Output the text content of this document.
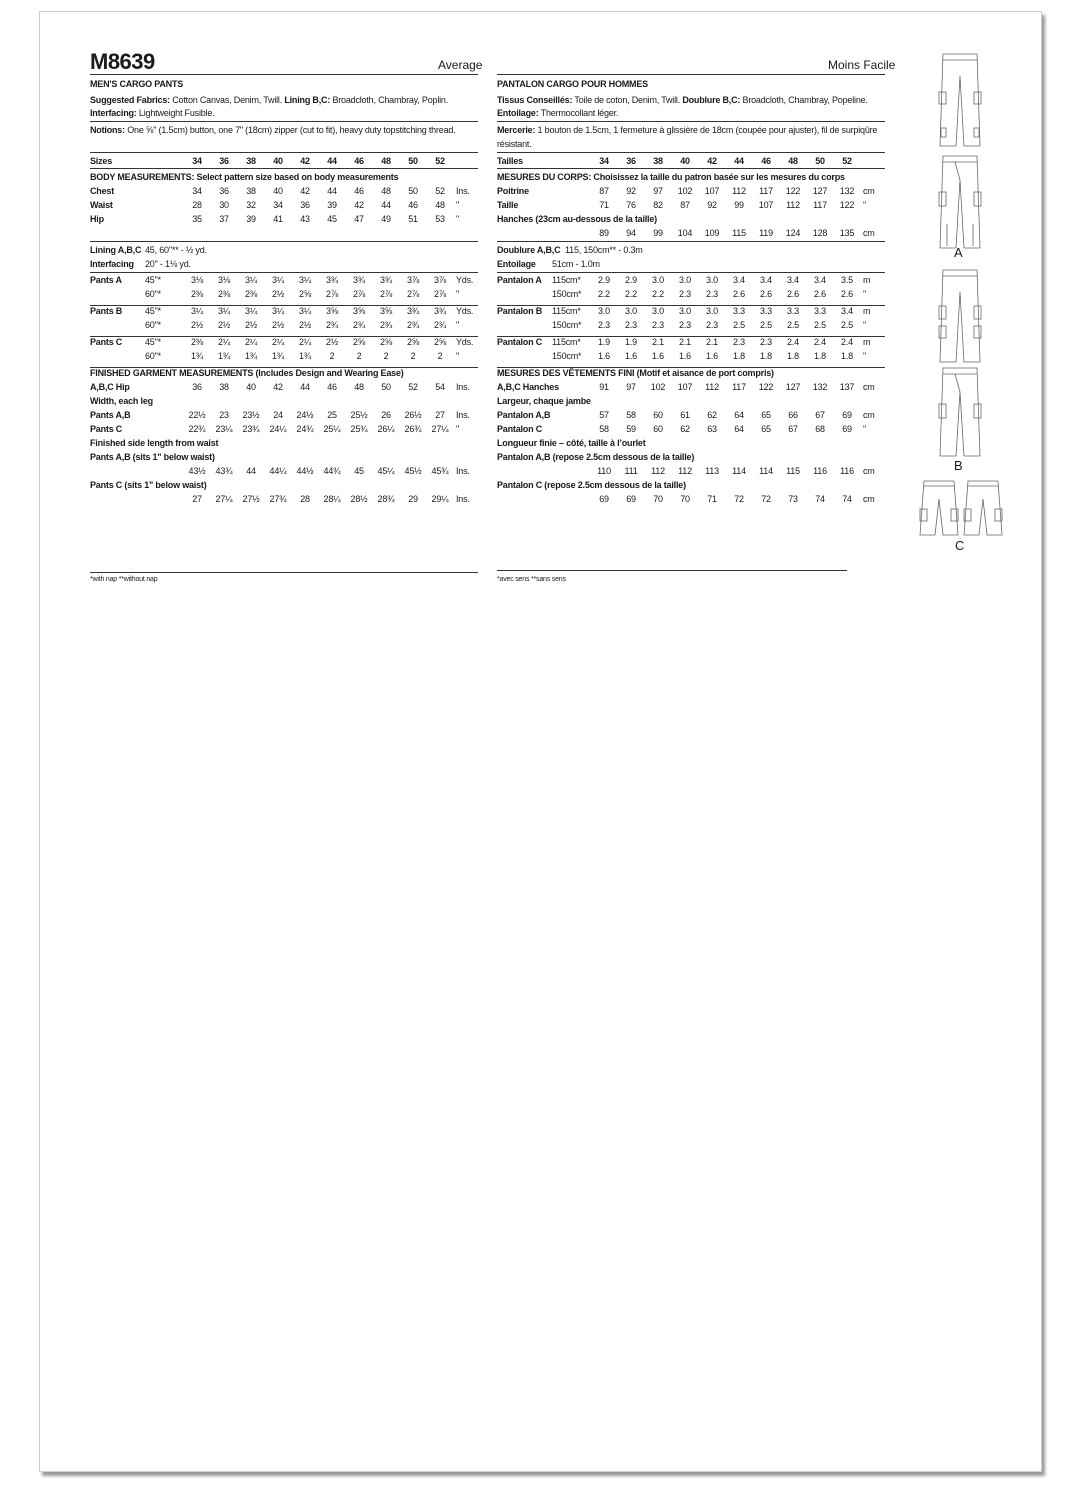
M8639	Average	Moins Facile
MEN'S CARGO PANTS
Suggested Fabrics: Cotton Canvas, Denim, Twill. Lining B,C: Broadcloth, Chambray, Poplin.
Interfacing: Lightweight Fusible.
Notions: One ⅝" (1.5cm) button, one 7" (18cm) zipper (cut to fit), heavy duty topstitching thread.
Sizes	34 36 38 40 42 44 46 48 50 52
BODY MEASUREMENTS: Select pattern size based on body measurements
Chest	34 36 38 40 42 44 46 48 50 52 Ins.
Waist	28 30 32 34 36 39 42 44 46 48 "
Hip	35 37 39 41 43 45 47 49 51 53 "
Lining A,B,C 45, 60"** - ½ yd.
Interfacing 20" - 1⅛ yd.
Pants A	45"*	3⅛ 3⅛ 3¼ 3¼ 3¼ 3¾ 3¾ 3¾ 3⅞ 3⅞ Yds.
60"*	2⅜ 2⅜ 2⅜ 2½ 2⅝ 2⅞ 2⅞ 2⅞ 2⅞ 2⅞ "
Pants B	45"*	3¼ 3¼ 3¼ 3¼ 3¼ 3⅝ 3⅝ 3⅝ 3¾ 3¾ Yds.
60"*	2½ 2½ 2½ 2½ 2½ 2¾ 2¾ 2¾ 2¾ 2¾ "
Pants C	45"*	2⅜ 2¼ 2¼ 2¼ 2¼ 2½ 2⅝ 2⅝ 2⅝ 2⅝ Yds.
60"*	1¾ 1¾ 1¾ 1¾ 1¾ 2 2 2 2 2 "
FINISHED GARMENT MEASUREMENTS (Includes Design and Wearing Ease)
A,B,C Hip	36 38 40 42 44 46 48 50 52 54 Ins.
Width, each leg
Pants A,B	22½ 23 23½ 24 24½ 25 25½ 26 26½ 27 Ins.
Pants C	22¾ 23¼ 23¾ 24¼ 24¾ 25¼ 25¾ 26¼ 26¾ 27¼ "
Finished side length from waist
Pants A,B (sits 1" below waist)
43½ 43¾ 44 44¼ 44½ 44¾ 45 45¼ 45½ 45¾ Ins.
Pants C (sits 1" below waist)
27 27¼ 27½ 27¾ 28 28¼ 28½ 28¾ 29 29¼ Ins.
*with nap **without nap
PANTALON CARGO POUR HOMMES
Tissus Conseillés: Toile de coton, Denim, Twill. Doublure B,C: Broadcloth, Chambray, Popeline.
Entoilage: Thermocollant léger.
Mercerie: 1 bouton de 1.5cm, 1 fermeture à glissière de 18cm (coupée pour ajuster), fil de surpiqûre
résistant.
Tailles	34 36 38 40 42 44 46 48 50 52
MESURES DU CORPS: Choisissez la taille du patron basée sur les mesures du corps
Poitrine	87 92 97 102 107 112 117 122 127 132 cm
Taille	71 76 82 87 92 99 107 112 117 122 "
Hanches (23cm au-dessous de la taille)
89 94 99 104 109 115 119 124 128 135 cm
Doublure A,B,C 115, 150cm** - 0.3m
Entoilage 51cm - 1.0m
Pantalon A 115cm* 2.9 2.9 3.0 3.0 3.0 3.4 3.4 3.4 3.4 3.5 m
150cm* 2.2 2.2 2.2 2.3 2.3 2.6 2.6 2.6 2.6 2.6 "
Pantalon B 115cm* 3.0 3.0 3.0 3.0 3.0 3.3 3.3 3.3 3.3 3.4 m
150cm* 2.3 2.3 2.3 2.3 2.3 2.5 2.5 2.5 2.5 2.5 "
Pantalon C 115cm* 1.9 1.9 2.1 2.1 2.1 2.3 2.3 2.4 2.4 2.4 m
150cm* 1.6 1.6 1.6 1.6 1.6 1.8 1.8 1.8 1.8 1.8 "
MESURES DES VÊTEMENTS FINI (Motif et aisance de port compris)
A,B,C Hanches	91 97 102 107 112 117 122 127 132 137 cm
Largeur, chaque jambe
Pantalon A,B	57 58 60 61 62 64 65 66 67 69 cm
Pantalon C	58 59 60 62 63 64 65 67 68 69 "
Longueur finie – côté, taille à l’ourlet
Pantalon A,B (repose 2.5cm dessous de la taille)
110 111 112 112 113 114 114 115 116 116 cm
Pantalon C (repose 2.5cm dessous de la taille)
69 69 70 70 71 72 72 73 74 74 cm
*avec sens **sans sens
A
B
C
